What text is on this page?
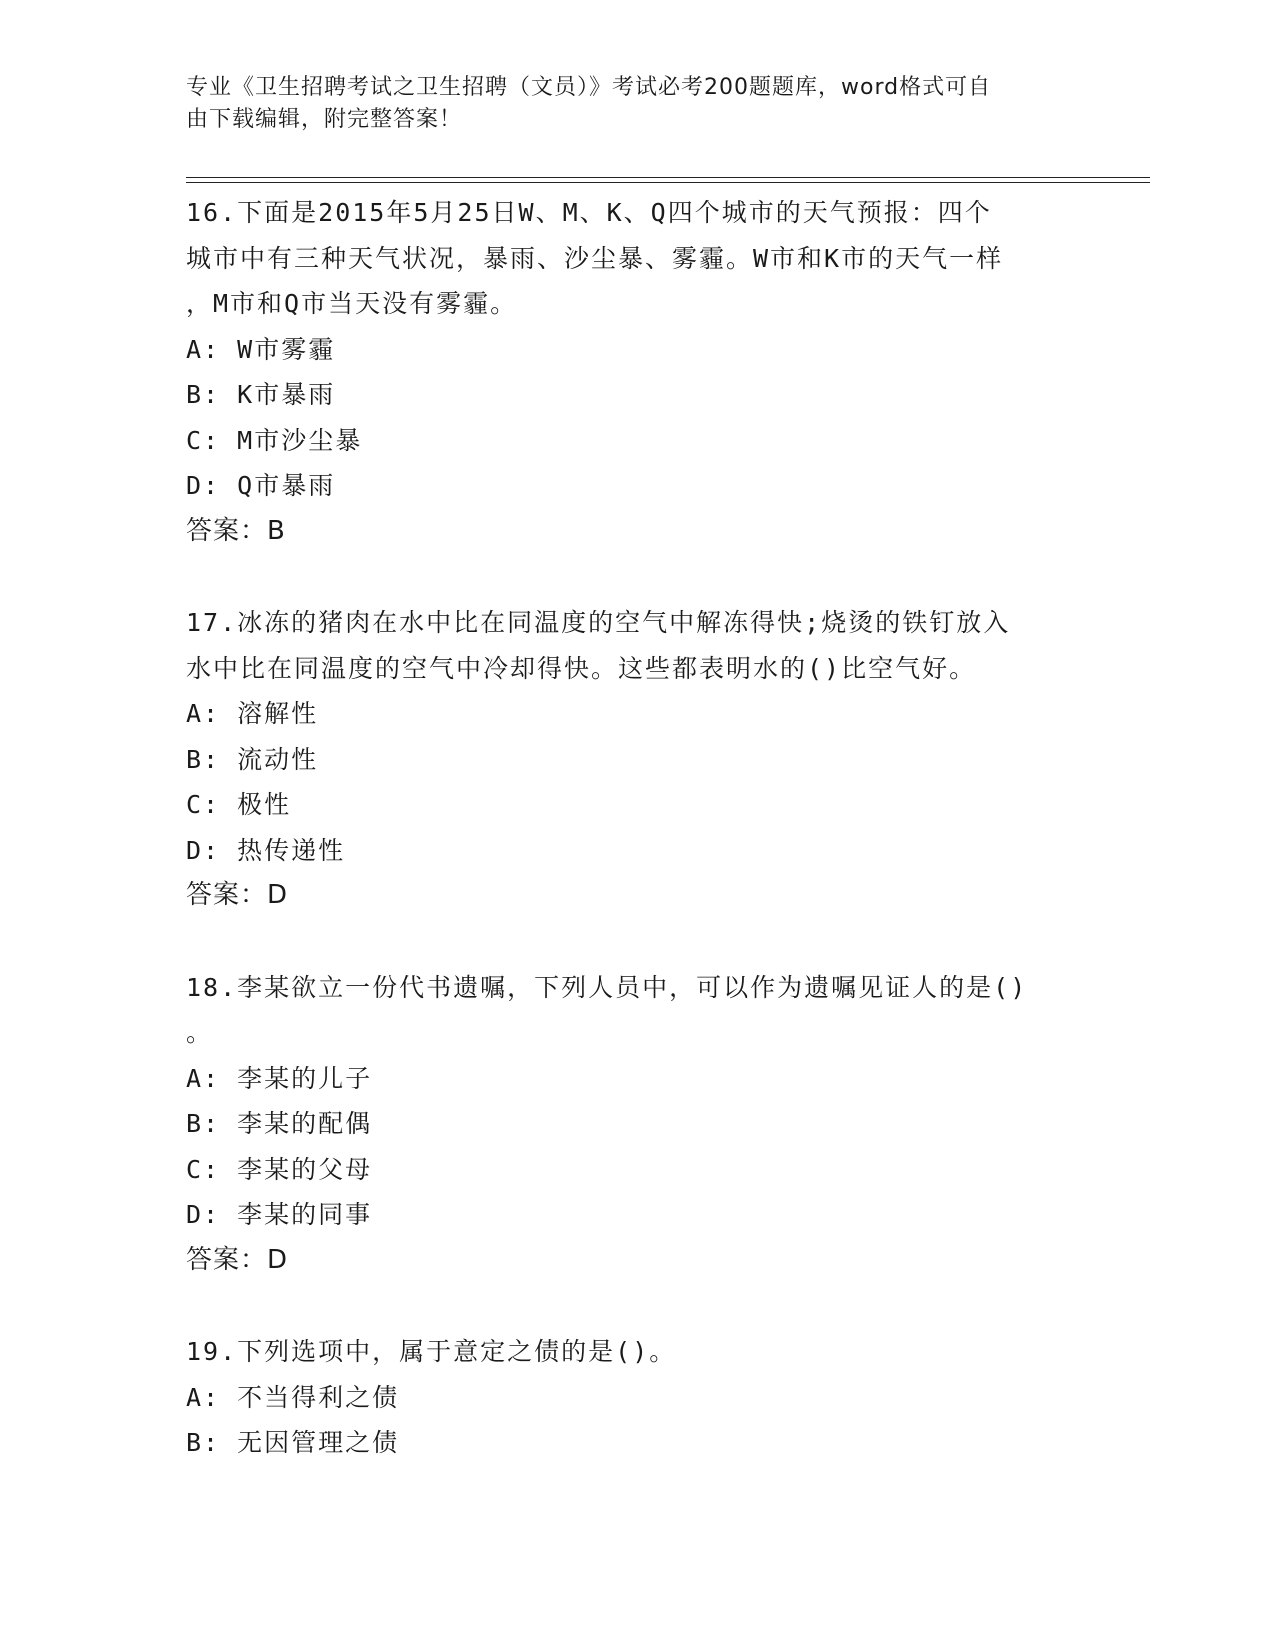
专业《卫生招聘考试之卫生招聘（文员）》考试必考200题题库，word格式可自
由下载编辑，附完整答案！
16.下面是2015年5月25日W、M、K、Q四个城市的天气预报：四个
城市中有三种天气状况，暴雨、沙尘暴、雾霾。W市和K市的天气一样
，M市和Q市当天没有雾霾。
A: W市雾霾
B: K市暴雨
C: M市沙尘暴
D: Q市暴雨
答案：B
17.冰冻的猪肉在水中比在同温度的空气中解冻得快;烧烫的铁钉放入
水中比在同温度的空气中冷却得快。这些都表明水的()比空气好。
A: 溶解性
B: 流动性
C: 极性
D: 热传递性
答案：D
18.李某欲立一份代书遗嘱，下列人员中，可以作为遗嘱见证人的是()
。
A: 李某的儿子
B: 李某的配偶
C: 李某的父母
D: 李某的同事
答案：D
19.下列选项中，属于意定之债的是()。
A: 不当得利之债
B: 无因管理之债
